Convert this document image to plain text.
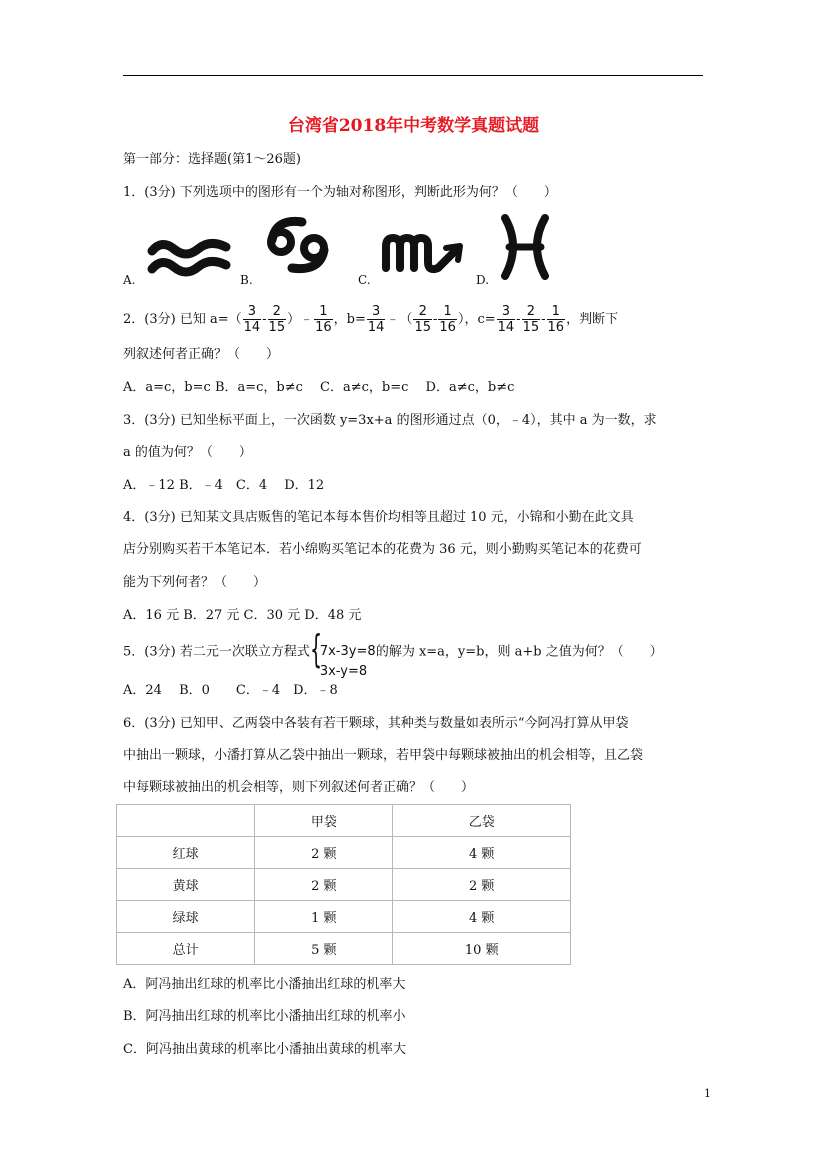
台湾省2018年中考数学真题试题
第一部分：选择题(第1～26题)
1．(3分) 下列选项中的图形有一个为轴对称图形，判断此形为何？（　　）
A.	B.	C.	D.
2．(3分) 已知 $a=( \frac{3}{14} - \frac{2}{15}$ ）﹣ $\frac{1}{16}$ ，$b= \frac{3}{14}$ ﹣（ $\frac{2}{15} - \frac{1}{16}$ ），$c= \frac{3}{14} - \frac{2}{15} - \frac{1}{16}$ ，判断下
列叙述何者正确？（　　）
A．a=c，b=c B．a=c，b≠c　 C．a≠c，b=c　 D．a≠c，b≠c
3．(3分) 已知坐标平面上，一次函数 y=3x+a 的图形通过点（0，﹣4），其中 a 为一数，求
a 的值为何？（　　）
A．﹣12 B．﹣4　C．4　 D．12
4．(3分) 已知某文具店贩售的笔记本每本售价均相等且超过 10 元，小锦和小勤在此文具
店分别购买若干本笔记本．若小绵购买笔记本的花费为 36 元，则小勤购买笔记本的花费可
能为下列何者？（　　）
A．16 元 B．27 元 C．30 元 D．48 元
5．(3分) 若二元一次联立方程式 {
7x-3y=8
3x-y=8
的解为 x=a，y=b，则 a+b 之值为何？（　　）
A．24　 B．0　　C．﹣4　D．﹣8
6．(3分) 已知甲、乙两袋中各装有若干颗球，其种类与数量如表所示“今阿冯打算从甲袋
中抽出一颗球，小潘打算从乙袋中抽出一颗球，若甲袋中每颗球被抽出的机会相等，且乙袋
中每颗球被抽出的机会相等，则下列叙述何者正确？（　　）
	甲袋	乙袋
红球	2 颗	4 颗
黄球	2 颗	2 颗
绿球	1 颗	4 颗
总计	5 颗	10 颗
A．阿冯抽出红球的机率比小潘抽出红球的机率大
B．阿冯抽出红球的机率比小潘抽出红球的机率小
C．阿冯抽出黄球的机率比小潘抽出黄球的机率大
1
